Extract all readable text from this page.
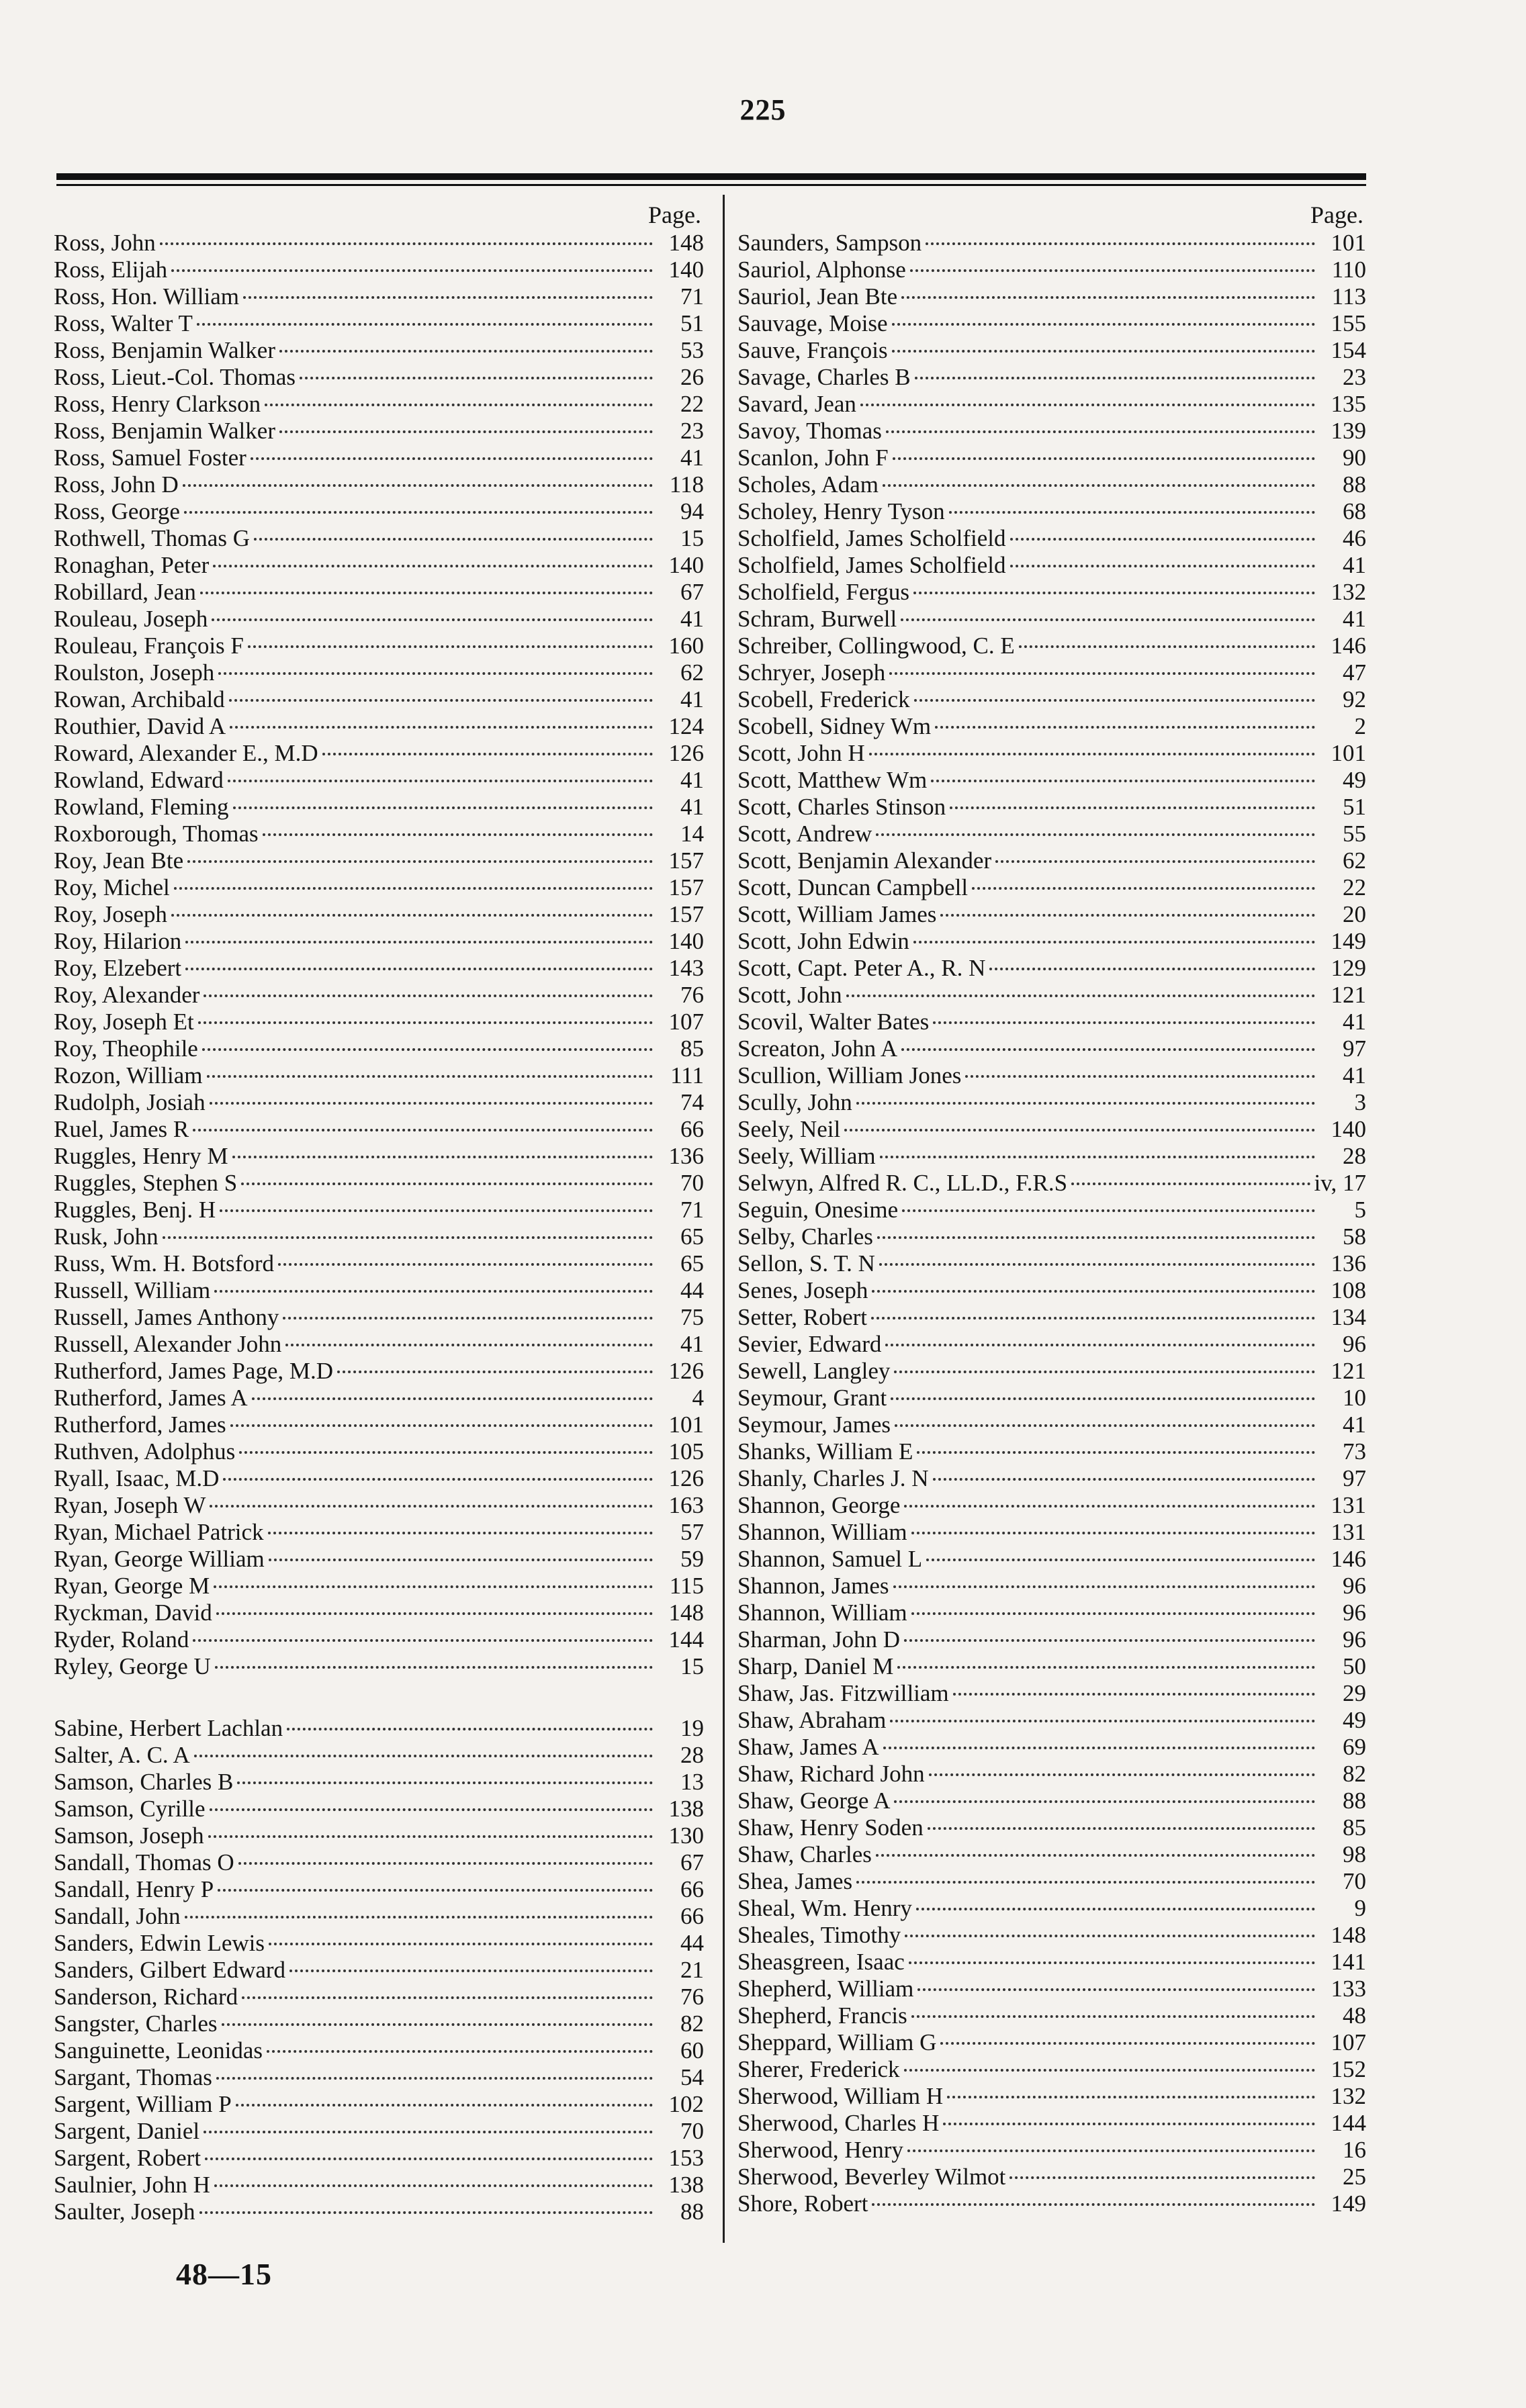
225
Page.
Ross, John	148
Ross, Elijah	140
Ross, Hon. William	71
Ross, Walter T	51
Ross, Benjamin Walker	53
Ross, Lieut.-Col. Thomas	26
Ross, Henry Clarkson	22
Ross, Benjamin Walker	23
Ross, Samuel Foster	41
Ross, John D	118
Ross, George	94
Rothwell, Thomas G	15
Ronaghan, Peter	140
Robillard, Jean	67
Rouleau, Joseph	41
Rouleau, François F	160
Roulston, Joseph	62
Rowan, Archibald	41
Routhier, David A	124
Roward, Alexander E., M.D	126
Rowland, Edward	41
Rowland, Fleming	41
Roxborough, Thomas	14
Roy, Jean Bte	157
Roy, Michel	157
Roy, Joseph	157
Roy, Hilarion	140
Roy, Elzebert	143
Roy, Alexander	76
Roy, Joseph Et	107
Roy, Theophile	85
Rozon, William	111
Rudolph, Josiah	74
Ruel, James R	66
Ruggles, Henry M	136
Ruggles, Stephen S	70
Ruggles, Benj. H	71
Rusk, John	65
Russ, Wm. H. Botsford	65
Russell, William	44
Russell, James Anthony	75
Russell, Alexander John	41
Rutherford, James Page, M.D	126
Rutherford, James A	4
Rutherford, James	101
Ruthven, Adolphus	105
Ryall, Isaac, M.D	126
Ryan, Joseph W	163
Ryan, Michael Patrick	57
Ryan, George William	59
Ryan, George M	115
Ryckman, David	148
Ryder, Roland	144
Ryley, George U	15
Sabine, Herbert Lachlan	19
Salter, A. C. A	28
Samson, Charles B	13
Samson, Cyrille	138
Samson, Joseph	130
Sandall, Thomas O	67
Sandall, Henry P	66
Sandall, John	66
Sanders, Edwin Lewis	44
Sanders, Gilbert Edward	21
Sanderson, Richard	76
Sangster, Charles	82
Sanguinette, Leonidas	60
Sargant, Thomas	54
Sargent, William P	102
Sargent, Daniel	70
Sargent, Robert	153
Saulnier, John H	138
Saulter, Joseph	88
Page.
Saunders, Sampson	101
Sauriol, Alphonse	110
Sauriol, Jean Bte	113
Sauvage, Moise	155
Sauve, François	154
Savage, Charles B	23
Savard, Jean	135
Savoy, Thomas	139
Scanlon, John F	90
Scholes, Adam	88
Scholey, Henry Tyson	68
Scholfield, James Scholfield	46
Scholfield, James Scholfield	41
Scholfield, Fergus	132
Schram, Burwell	41
Schreiber, Collingwood, C. E	146
Schryer, Joseph	47
Scobell, Frederick	92
Scobell, Sidney Wm	2
Scott, John H	101
Scott, Matthew Wm	49
Scott, Charles Stinson	51
Scott, Andrew	55
Scott, Benjamin Alexander	62
Scott, Duncan Campbell	22
Scott, William James	20
Scott, John Edwin	149
Scott, Capt. Peter A., R. N	129
Scott, John	121
Scovil, Walter Bates	41
Screaton, John A	97
Scullion, William Jones	41
Scully, John	3
Seely, Neil	140
Seely, William	28
Selwyn, Alfred R. C., LL.D., F.R.S	iv, 17
Seguin, Onesime	5
Selby, Charles	58
Sellon, S. T. N	136
Senes, Joseph	108
Setter, Robert	134
Sevier, Edward	96
Sewell, Langley	121
Seymour, Grant	10
Seymour, James	41
Shanks, William E	73
Shanly, Charles J. N	97
Shannon, George	131
Shannon, William	131
Shannon, Samuel L	146
Shannon, James	96
Shannon, William	96
Sharman, John D	96
Sharp, Daniel M	50
Shaw, Jas. Fitzwilliam	29
Shaw, Abraham	49
Shaw, James A	69
Shaw, Richard John	82
Shaw, George A	88
Shaw, Henry Soden	85
Shaw, Charles	98
Shea, James	70
Sheal, Wm. Henry	9
Sheales, Timothy	148
Sheasgreen, Isaac	141
Shepherd, William	133
Shepherd, Francis	48
Sheppard, William G	107
Sherer, Frederick	152
Sherwood, William H	132
Sherwood, Charles H	144
Sherwood, Henry	16
Sherwood, Beverley Wilmot	25
Shore, Robert	149
48—15
